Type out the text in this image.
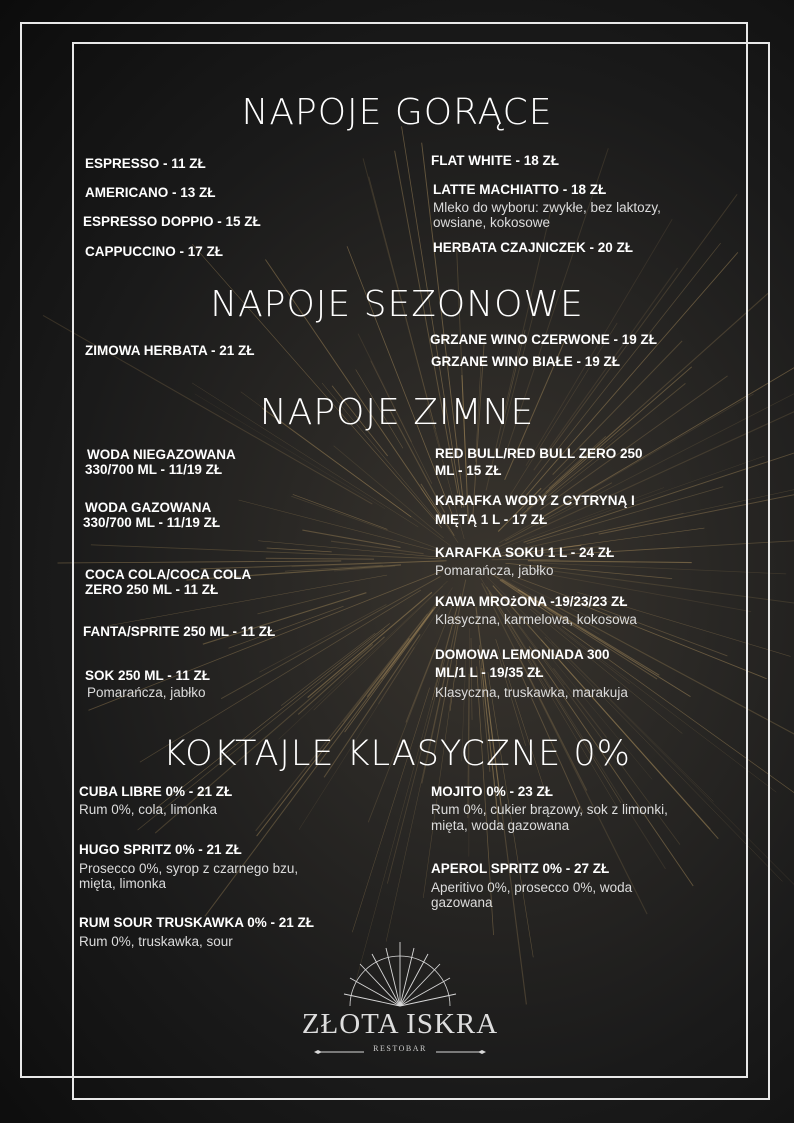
NAPOJE GORĄCE
ESPRESSO - 11 ZŁ
AMERICANO - 13 ZŁ
ESPRESSO DOPPIO - 15 ZŁ
CAPPUCCINO - 17 ZŁ
FLAT WHITE - 18 ZŁ
LATTE MACHIATTO - 18 ZŁ
Mleko do wyboru: zwykłe, bez laktozy,
owsiane, kokosowe
HERBATA CZAJNICZEK - 20 ZŁ
NAPOJE SEZONOWE
ZIMOWA HERBATA - 21 ZŁ
GRZANE WINO CZERWONE - 19 ZŁ
GRZANE WINO BIAŁE - 19 ZŁ
NAPOJE ZIMNE
WODA NIEGAZOWANA
330/700 ML - 11/19 ZŁ
WODA GAZOWANA
330/700 ML - 11/19 ZŁ
COCA COLA/COCA COLA
ZERO 250 ML - 11 ZŁ
FANTA/SPRITE 250 ML - 11 ZŁ
SOK 250 ML - 11 ZŁ
Pomarańcza, jabłko
RED BULL/RED BULL ZERO 250
ML - 15 ZŁ
KARAFKA WODY Z CYTRYNĄ I
MIĘTĄ 1 L - 17 ZŁ
KARAFKA SOKU 1 L - 24 ZŁ
Pomarańcza, jabłko
KAWA MROżONA -19/23/23 ZŁ
Klasyczna, karmelowa, kokosowa
DOMOWA LEMONIADA 300
ML/1 L - 19/35 ZŁ
Klasyczna, truskawka, marakuja
KOKTAJLE KLASYCZNE 0%
CUBA LIBRE 0% - 21 ZŁ
Rum 0%, cola, limonka
HUGO SPRITZ 0% - 21 ZŁ
Prosecco 0%, syrop z czarnego bzu,
mięta, limonka
RUM SOUR TRUSKAWKA 0% - 21 ZŁ
Rum 0%, truskawka, sour
MOJITO 0% - 23 ZŁ
Rum 0%, cukier brązowy, sok z limonki,
mięta, woda gazowana
APEROL SPRITZ 0% - 27 ZŁ
Aperitivo 0%, prosecco 0%, woda
gazowana
ZŁOTA ISKRA
RESTOBAR
